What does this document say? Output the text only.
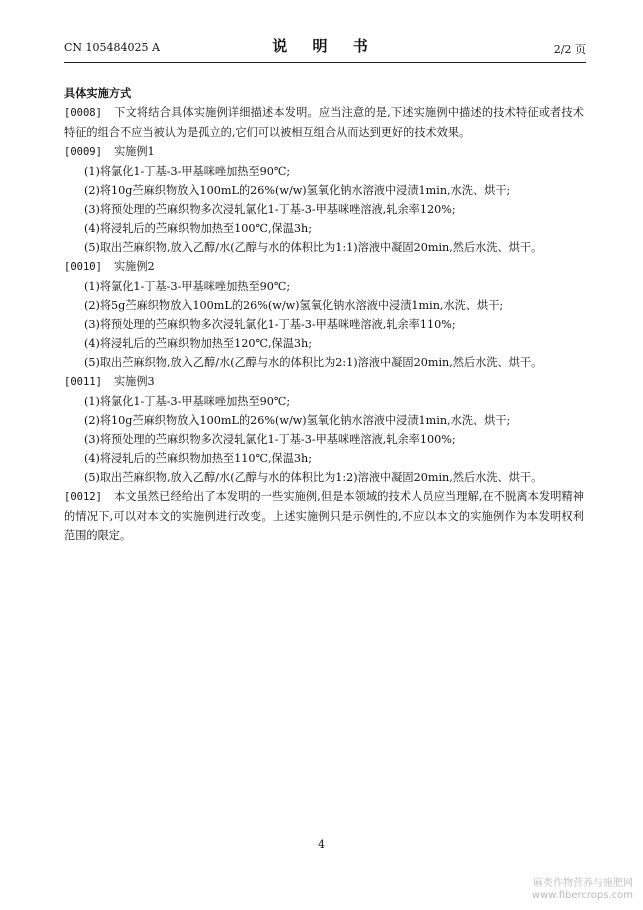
CN 105484025 A	说 明 书	2/2 页
具体实施方式
[0008] 下文将结合具体实施例详细描述本发明。应当注意的是,下述实施例中描述的技术特征或者技术特征的组合不应当被认为是孤立的,它们可以被相互组合从而达到更好的技术效果。
[0009] 实施例1
(1)将氯化1-丁基-3-甲基咪唑加热至90℃;
(2)将10g苎麻织物放入100mL的26%(w/w)氢氧化钠水溶液中浸渍1min,水洗、烘干;
(3)将预处理的苎麻织物多次浸轧氯化1-丁基-3-甲基咪唑溶液,轧余率120%;
(4)将浸轧后的苎麻织物加热至100℃,保温3h;
(5)取出苎麻织物,放入乙醇/水(乙醇与水的体积比为1:1)溶液中凝固20min,然后水洗、烘干。
[0010] 实施例2
(1)将氯化1-丁基-3-甲基咪唑加热至90℃;
(2)将5g苎麻织物放入100mL的26%(w/w)氢氧化钠水溶液中浸渍1min,水洗、烘干;
(3)将预处理的苎麻织物多次浸轧氯化1-丁基-3-甲基咪唑溶液,轧余率110%;
(4)将浸轧后的苎麻织物加热至120℃,保温3h;
(5)取出苎麻织物,放入乙醇/水(乙醇与水的体积比为2:1)溶液中凝固20min,然后水洗、烘干。
[0011] 实施例3
(1)将氯化1-丁基-3-甲基咪唑加热至90℃;
(2)将10g苎麻织物放入100mL的26%(w/w)氢氧化钠水溶液中浸渍1min,水洗、烘干;
(3)将预处理的苎麻织物多次浸轧氯化1-丁基-3-甲基咪唑溶液,轧余率100%;
(4)将浸轧后的苎麻织物加热至110℃,保温3h;
(5)取出苎麻织物,放入乙醇/水(乙醇与水的体积比为1:2)溶液中凝固20min,然后水洗、烘干。
[0012] 本文虽然已经给出了本发明的一些实施例,但是本领域的技术人员应当理解,在不脱离本发明精神的情况下,可以对本文的实施例进行改变。上述实施例只是示例性的,不应以本文的实施例作为本发明权利范围的限定。
4
麻类作物营养与施肥网
www.fibercrops.com
